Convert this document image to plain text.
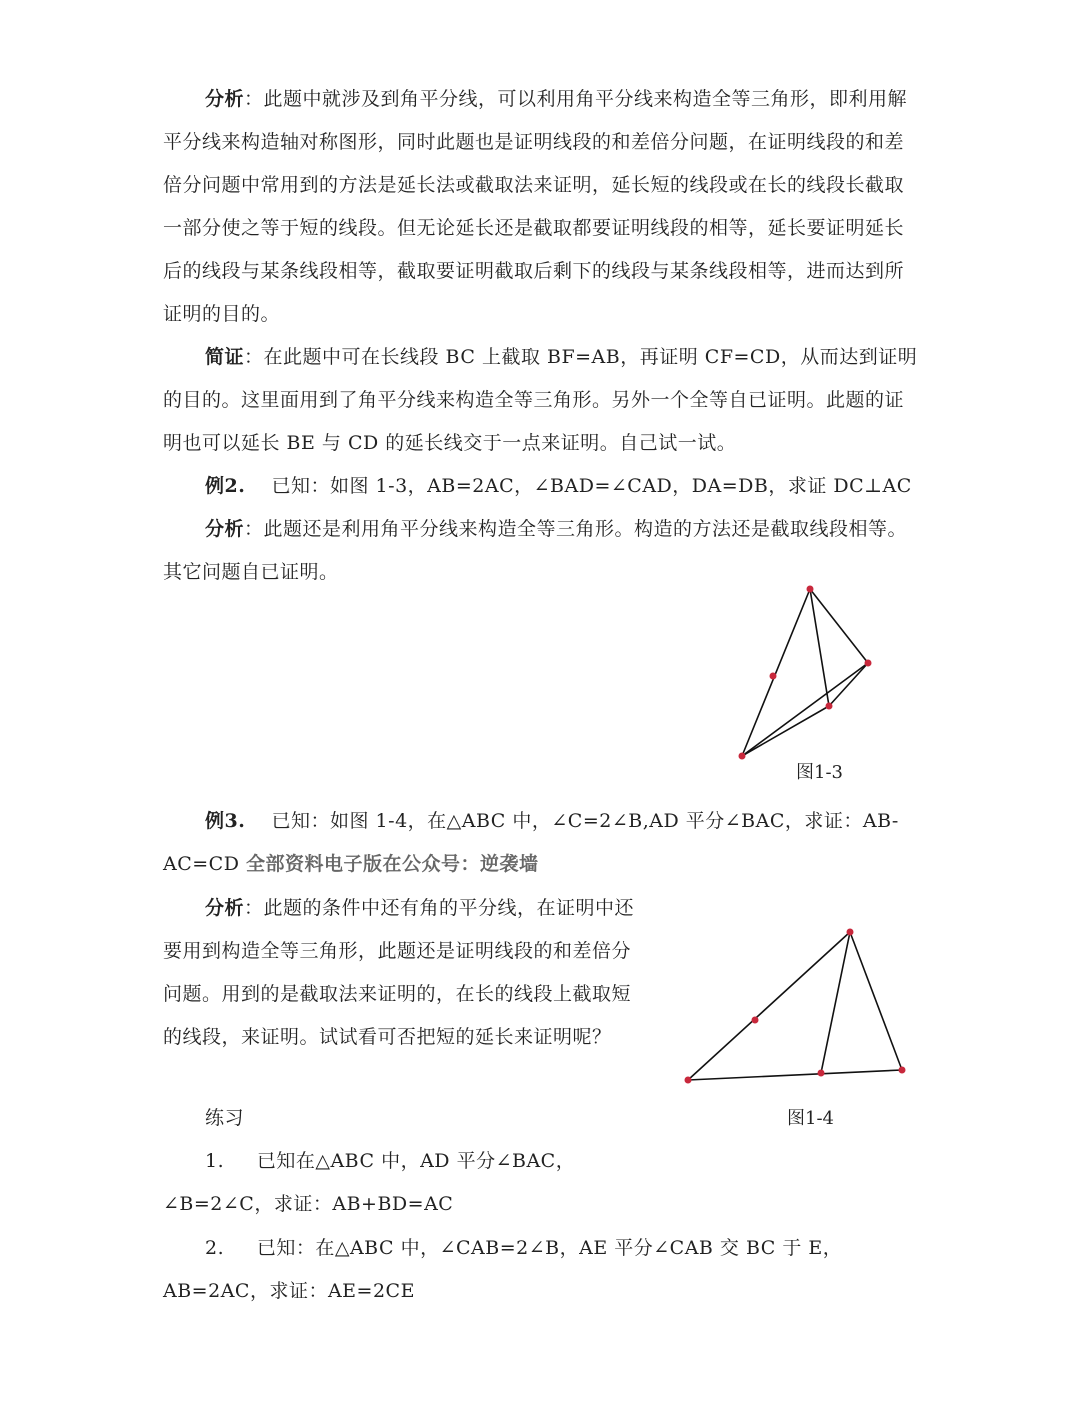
分析：此题中就涉及到角平分线，可以利用角平分线来构造全等三角形，即利用解平分线来构造轴对称图形，同时此题也是证明线段的和差倍分问题，在证明线段的和差倍分问题中常用到的方法是延长法或截取法来证明，延长短的线段或在长的线段长截取一部分使之等于短的线段。但无论延长还是截取都要证明线段的相等，延长要证明延长后的线段与某条线段相等，截取要证明截取后剩下的线段与某条线段相等，进而达到所证明的目的。

简证：在此题中可在长线段 BC 上截取 BF=AB，再证明 CF=CD，从而达到证明的目的。这里面用到了角平分线来构造全等三角形。另外一个全等自已证明。此题的证明也可以延长 BE 与 CD 的延长线交于一点来证明。自己试一试。

例2. 已知：如图 1-3，AB=2AC，∠BAD=∠CAD，DA=DB，求证 DC⊥AC

分析：此题还是利用角平分线来构造全等三角形。构造的方法还是截取线段相等。其它问题自已证明。

图1-3

例3. 已知：如图 1-4，在△ABC 中，∠C=2∠B,AD 平分∠BAC，求证：AB-AC=CD 全部资料电子版在公众号：逆袭墙

分析：此题的条件中还有角的平分线，在证明中还要用到构造全等三角形，此题还是证明线段的和差倍分问题。用到的是截取法来证明的，在长的线段上截取短的线段，来证明。试试看可否把短的延长来证明呢？

图1-4

练习

1. 已知在△ABC 中，AD 平分∠BAC，∠B=2∠C，求证：AB+BD=AC

2. 已知：在△ABC 中，∠CAB=2∠B，AE 平分∠CAB 交 BC 于 E，AB=2AC，求证：AE=2CE
